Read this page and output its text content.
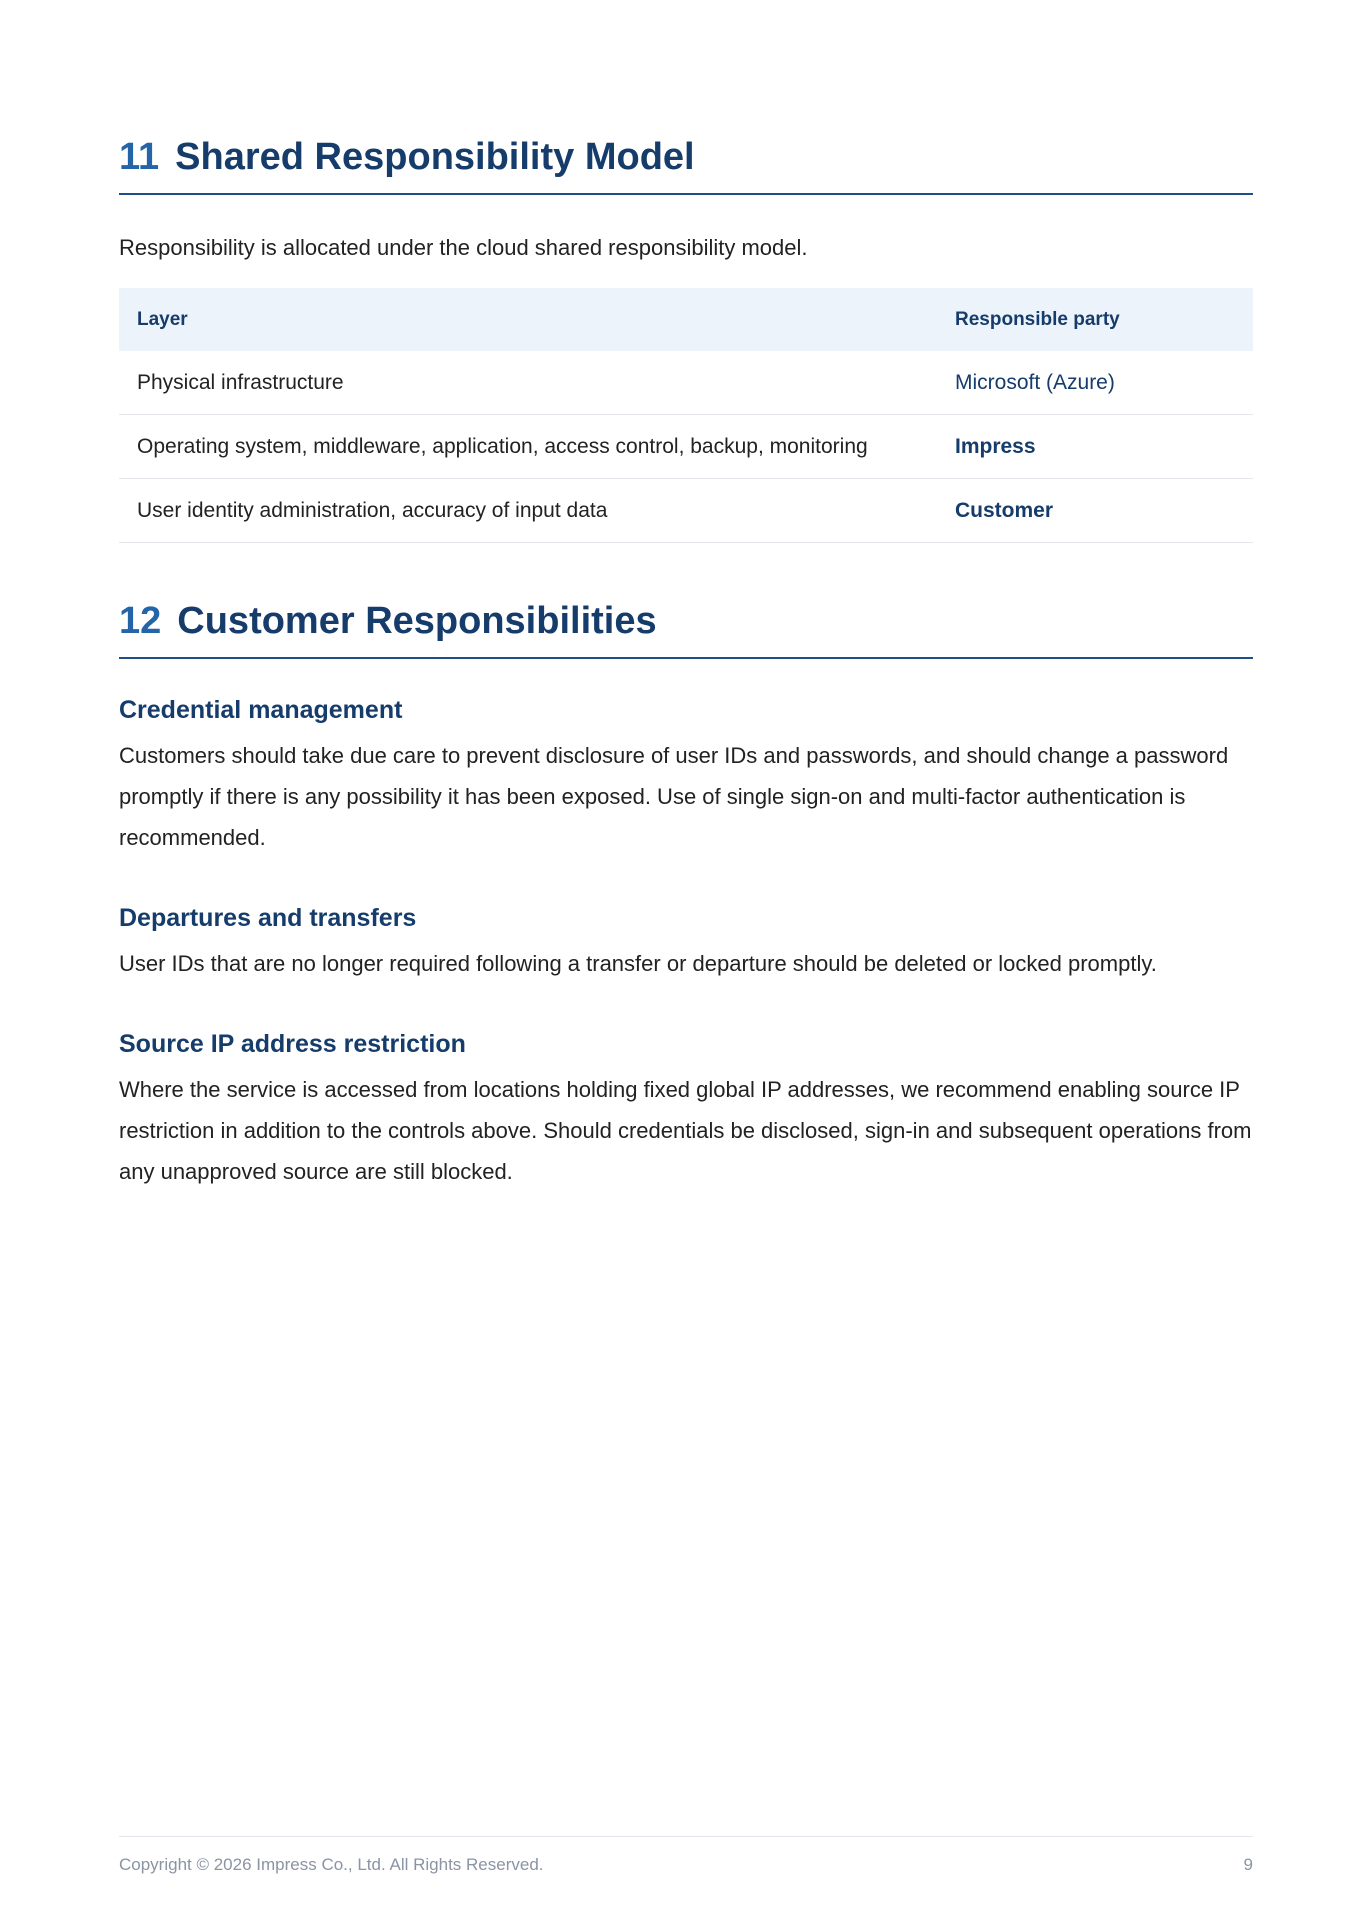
11 Shared Responsibility Model
Responsibility is allocated under the cloud shared responsibility model.
Layer	Responsible party
Physical infrastructure	Microsoft (Azure)
Operating system, middleware, application, access control, backup, monitoring	Impress
User identity administration, accuracy of input data	Customer
12 Customer Responsibilities
Credential management

Customers should take due care to prevent disclosure of user IDs and passwords, and should change a password promptly if there is any possibility it has been exposed. Use of single sign-on and multi-factor authentication is recommended.

Departures and transfers

User IDs that are no longer required following a transfer or departure should be deleted or locked promptly.

Source IP address restriction

Where the service is accessed from locations holding fixed global IP addresses, we recommend enabling source IP restriction in addition to the controls above. Should credentials be disclosed, sign-in and subsequent operations from any unapproved source are still blocked.

Copyright © 2026 Impress Co., Ltd. All Rights Reserved.	9
